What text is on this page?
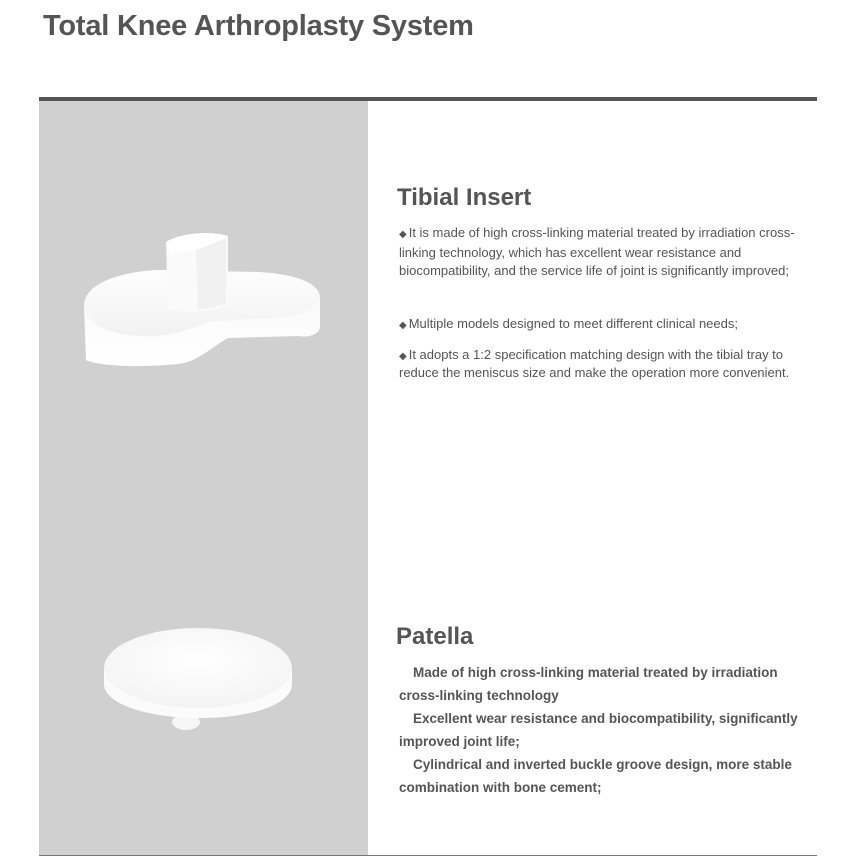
Total Knee Arthroplasty System
Tibial Insert
◆ It is made of high cross-linking material treated by irradiation cross-linking technology, which has excellent wear resistance and biocompatibility, and the service life of joint is significantly improved;
◆ Multiple models designed to meet different clinical needs;
◆ It adopts a 1:2 specification matching design with the tibial tray to reduce the meniscus size and make the operation more convenient.
Patella
Made of high cross-linking material treated by irradiation cross-linking technology
Excellent wear resistance and biocompatibility, significantly improved joint life;
Cylindrical and inverted buckle groove design, more stable combination with bone cement;
